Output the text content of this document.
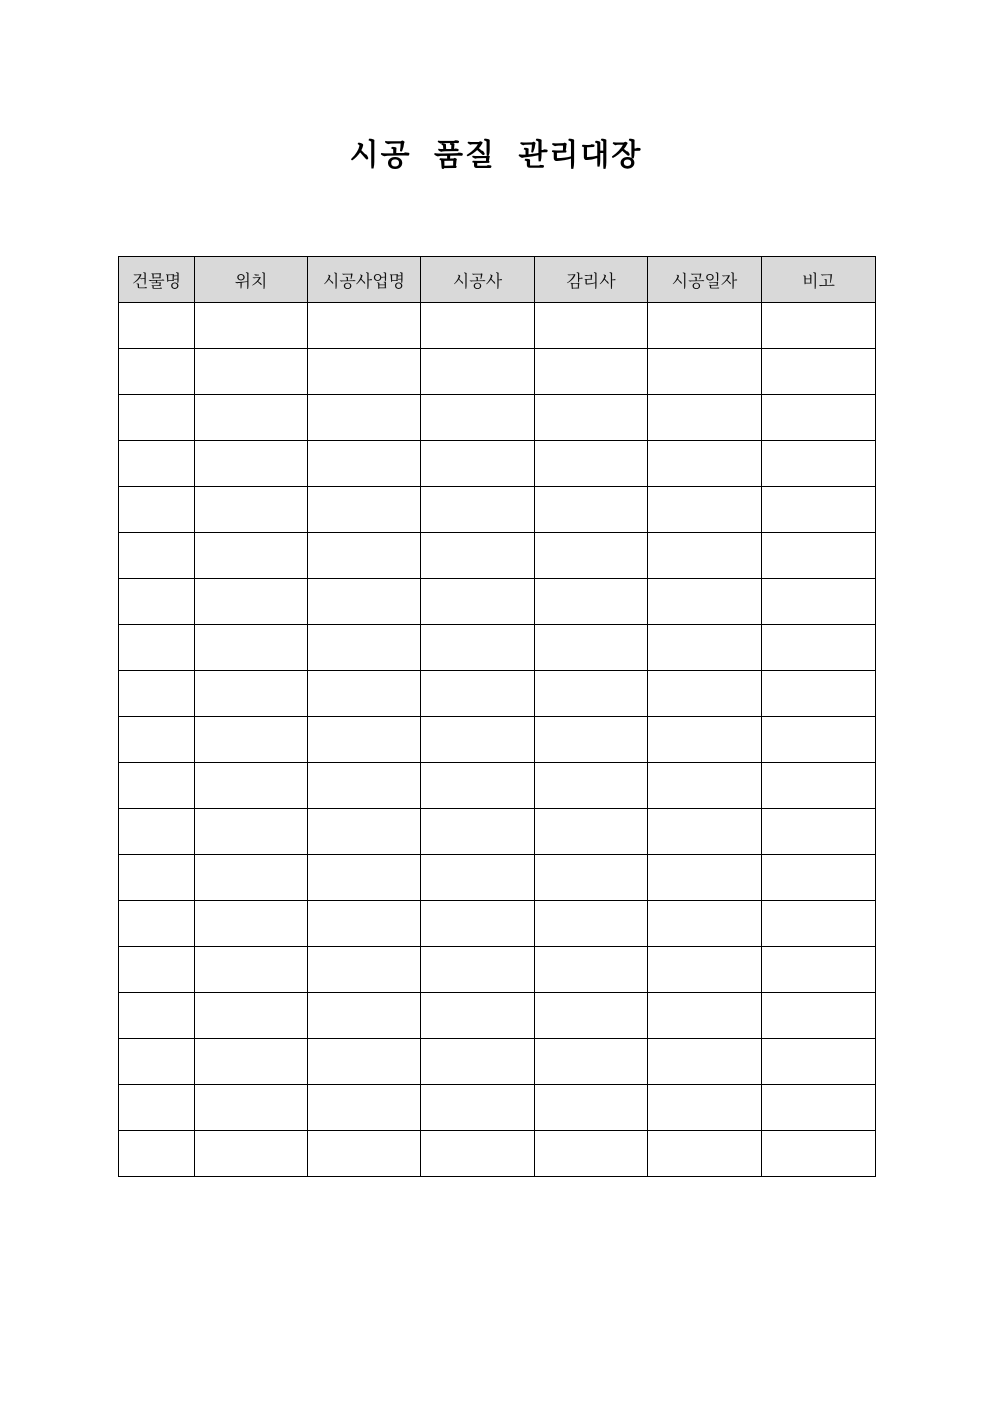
시공 품질 관리대장
건물명	위치	시공사업명	시공사	감리사	시공일자	비고
